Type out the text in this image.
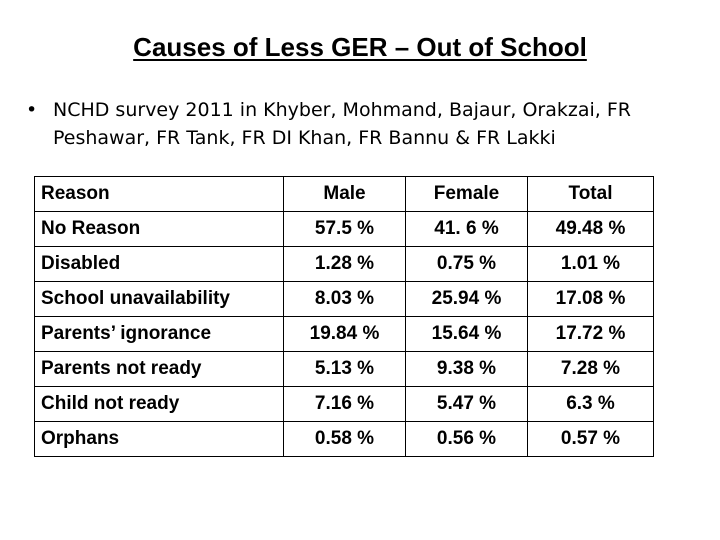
Causes of Less GER – Out of School
• NCHD survey 2011 in Khyber, Mohmand, Bajaur, Orakzai, FR Peshawar, FR Tank, FR DI Khan, FR Bannu & FR Lakki
Reason	Male	Female	Total
No Reason	57.5 %	41. 6 %	49.48 %
Disabled	1.28 %	0.75 %	1.01 %
School unavailability	8.03 %	25.94 %	17.08 %
Parents’ ignorance	19.84 %	15.64 %	17.72 %
Parents not ready	5.13 %	9.38 %	7.28 %
Child not ready	7.16 %	5.47 %	6.3 %
Orphans	0.58 %	0.56 %	0.57 %
